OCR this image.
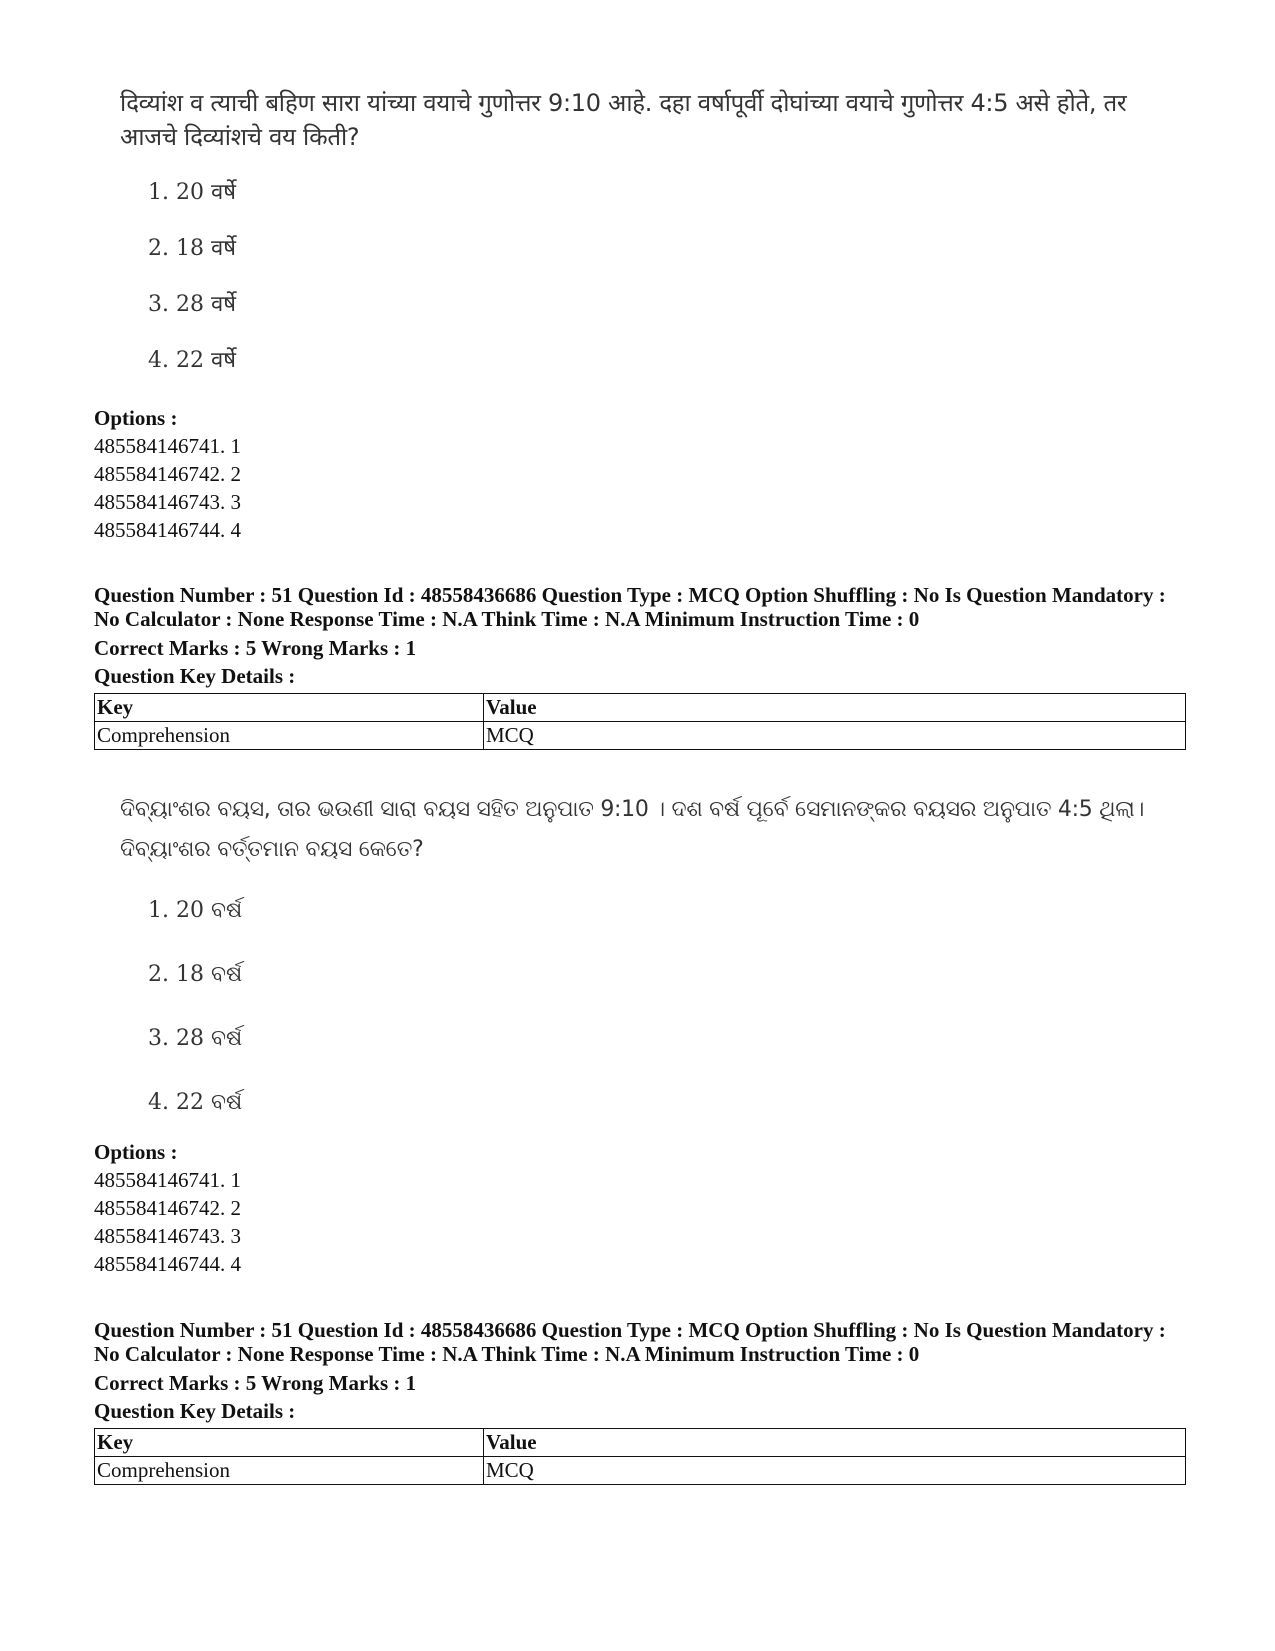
दिव्यांश व त्याची बहिण सारा यांच्या वयाचे गुणोत्तर 9:10 आहे. दहा वर्षापूर्वी दोघांच्या वयाचे गुणोत्तर 4:5 असे होते, तर आजचे दिव्यांशचे वय किती?

1. 20 वर्षे

2. 18 वर्षे

3. 28 वर्षे

4. 22 वर्षे

Options :

485584146741. 1

485584146742. 2

485584146743. 3

485584146744. 4

Question Number : 51 Question Id : 48558436686 Question Type : MCQ Option Shuffling : No Is Question Mandatory :

No Calculator : None Response Time : N.A Think Time : N.A Minimum Instruction Time : 0

Correct Marks : 5 Wrong Marks : 1

Question Key Details :

Key	Value
Comprehension	MCQ

ଦିବ୍ୟାଂଶର ବୟସ, ତାର ଭଉଣୀ ସାରା ବୟସ ସହିତ ଅନୁପାତ 9:10 । ଦଶ ବର୍ଷ ପୂର୍ବେ ସେମାନଙ୍କର ବୟସର ଅନୁପାତ 4:5 ଥିଲା। ଦିବ୍ୟାଂଶର ବର୍ତ୍ତମାନ ବୟସ କେତେ?

1. 20 ବର୍ଷ

2. 18 ବର୍ଷ

3. 28 ବର୍ଷ

4. 22 ବର୍ଷ

Options :

485584146741. 1

485584146742. 2

485584146743. 3

485584146744. 4

Question Number : 51 Question Id : 48558436686 Question Type : MCQ Option Shuffling : No Is Question Mandatory :

No Calculator : None Response Time : N.A Think Time : N.A Minimum Instruction Time : 0

Correct Marks : 5 Wrong Marks : 1

Question Key Details :

Key	Value
Comprehension	MCQ
